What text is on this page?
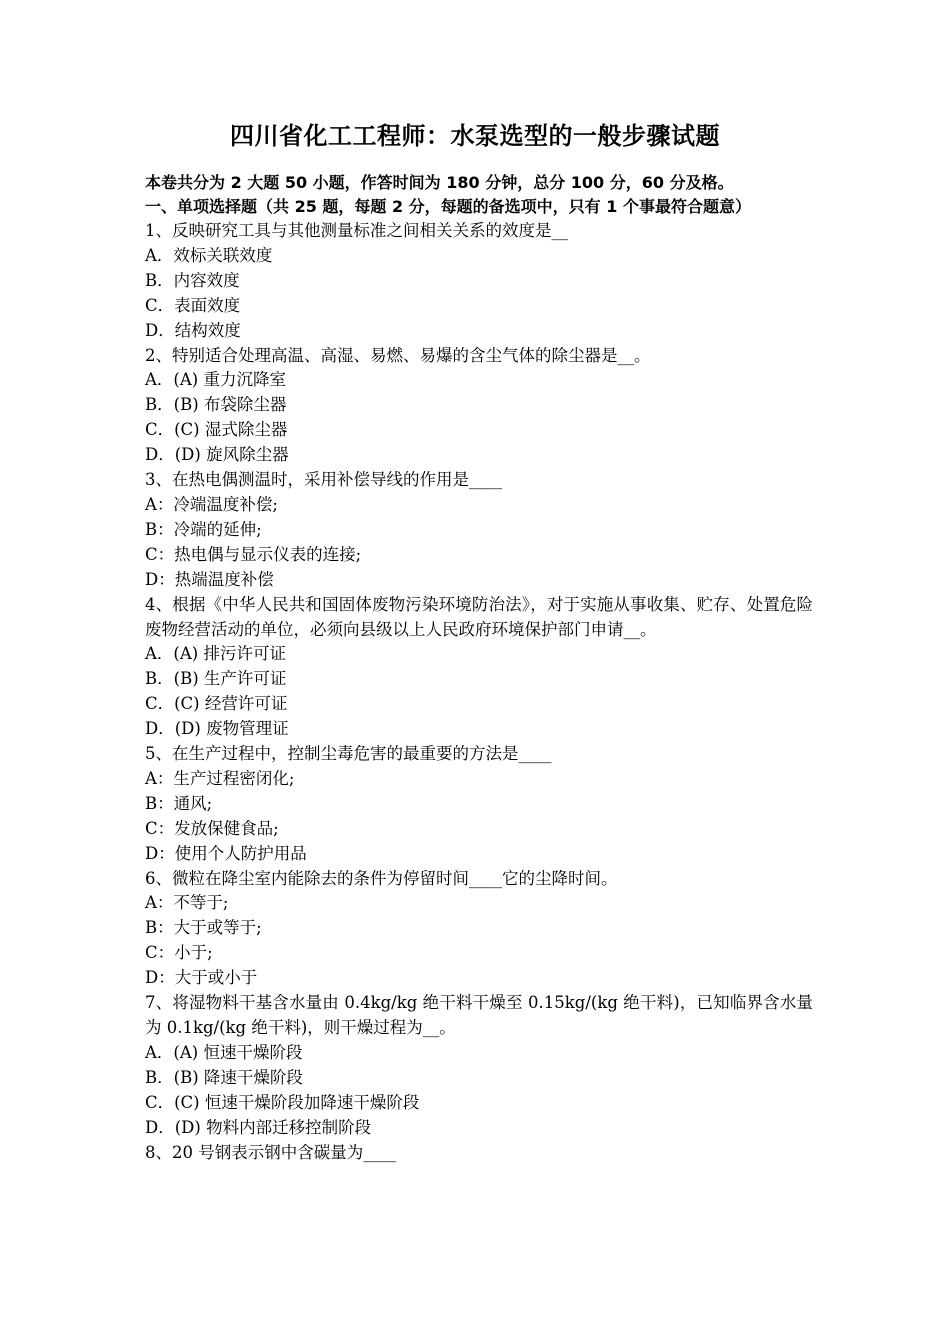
四川省化工工程师：水泵选型的一般步骤试题
本卷共分为 2 大题 50 小题，作答时间为 180 分钟，总分 100 分，60 分及格。
一、单项选择题（共 25 题，每题 2 分，每题的备选项中，只有 1 个事最符合题意）
1、反映研究工具与其他测量标准之间相关关系的效度是__
A．效标关联效度
B．内容效度
C．表面效度
D．结构效度
2、特别适合处理高温、高湿、易燃、易爆的含尘气体的除尘器是__。
A．(A) 重力沉降室
B．(B) 布袋除尘器
C．(C) 湿式除尘器
D．(D) 旋风除尘器
3、在热电偶测温时，采用补偿导线的作用是____
A：冷端温度补偿;
B：冷端的延伸;
C：热电偶与显示仪表的连接;
D：热端温度补偿
4、根据《中华人民共和国固体废物污染环境防治法》，对于实施从事收集、贮存、处置危险废物经营活动的单位，必须向县级以上人民政府环境保护部门申请__。
A．(A) 排污许可证
B．(B) 生产许可证
C．(C) 经营许可证
D．(D) 废物管理证
5、在生产过程中，控制尘毒危害的最重要的方法是____
A：生产过程密闭化;
B：通风;
C：发放保健食品;
D：使用个人防护用品
6、微粒在降尘室内能除去的条件为停留时间____它的尘降时间。
A：不等于;
B：大于或等于;
C：小于;
D：大于或小于
7、将湿物料干基含水量由 0.4kg/kg 绝干料干燥至 0.15kg/(kg 绝干料)，已知临界含水量为 0.1kg/(kg 绝干料)，则干燥过程为__。
A．(A) 恒速干燥阶段
B．(B) 降速干燥阶段
C．(C) 恒速干燥阶段加降速干燥阶段
D．(D) 物料内部迁移控制阶段
8、20 号钢表示钢中含碳量为____
